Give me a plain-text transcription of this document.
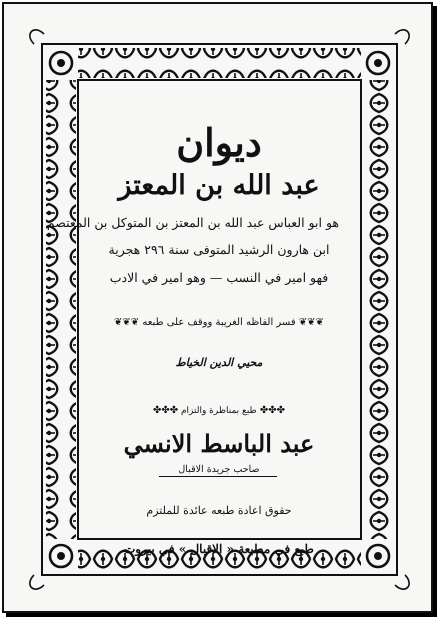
ديوان
عبد الله بن المعتز
هو ابو العباس عبد الله بن المعتز بن المتوكل بن المعتصم
ابن هارون الرشيد المتوفى سنة ٢٩٦ هجرية
فهو امير في النسب — وهو امير في الادب
❦❦❦ فسر الفاظه الغريبة ووقف على طبعه ❦❦❦
محيي الدين الخياط
✤✤✤ طبع بمناظرة والتزام ✤✤✤
عبد الباسط الانسي
صاحب جريدة الاقبال
حقوق اعادة طبعه عائدة للملتزم
طبع في مطبعة « الاقبال » في بيروت
